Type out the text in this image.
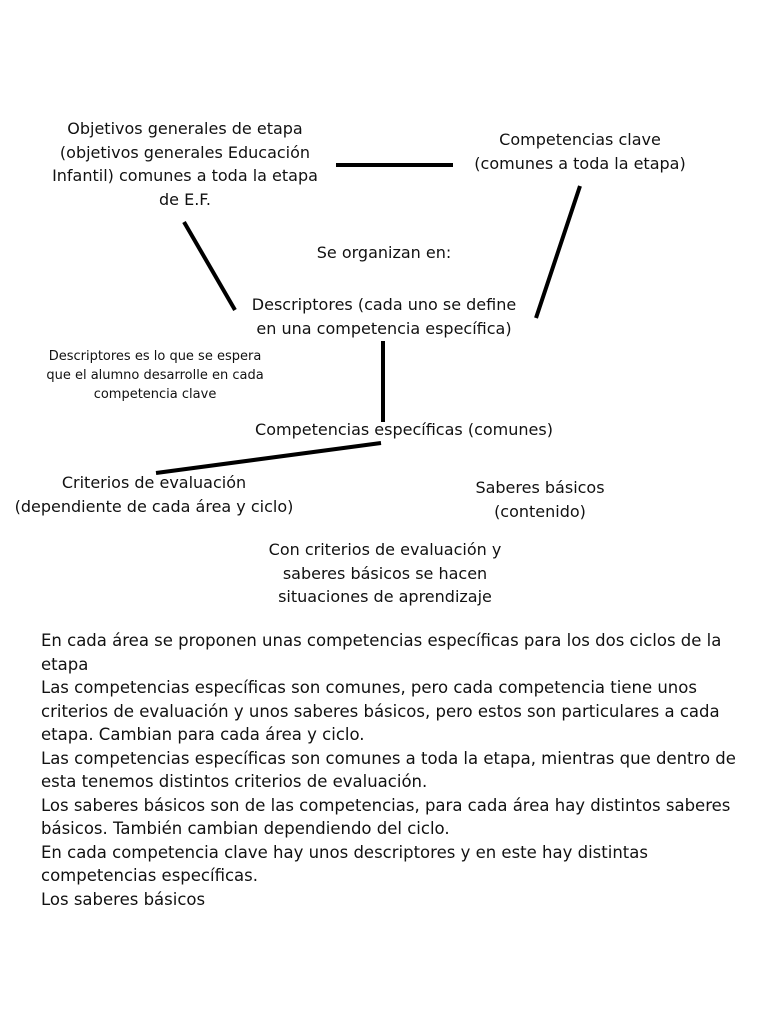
Objetivos generales de etapa
(objetivos generales Educación
Infantil) comunes a toda la etapa
de E.F.
Competencias clave
(comunes a toda la etapa)
Se organizan en:
Descriptores (cada uno se define
en una competencia específica)
Descriptores es lo que se espera
que el alumno desarrolle en cada
competencia clave
Competencias específicas (comunes)
Criterios de evaluación
(dependiente de cada área y ciclo)
Saberes básicos
(contenido)
Con criterios de evaluación y
saberes básicos se hacen
situaciones de aprendizaje

En cada área se proponen unas competencias específicas para los dos ciclos de la etapa

Las competencias específicas son comunes, pero cada competencia tiene unos criterios de evaluación y unos saberes básicos, pero estos son particulares a cada etapa. Cambian para cada área y ciclo.

Las competencias específicas son comunes a toda la etapa, mientras que dentro de esta tenemos distintos criterios de evaluación.

Los saberes básicos son de las competencias, para cada área hay distintos saberes básicos. También cambian dependiendo del ciclo.

En cada competencia clave hay unos descriptores y en este hay distintas competencias específicas.

Los saberes básicos
